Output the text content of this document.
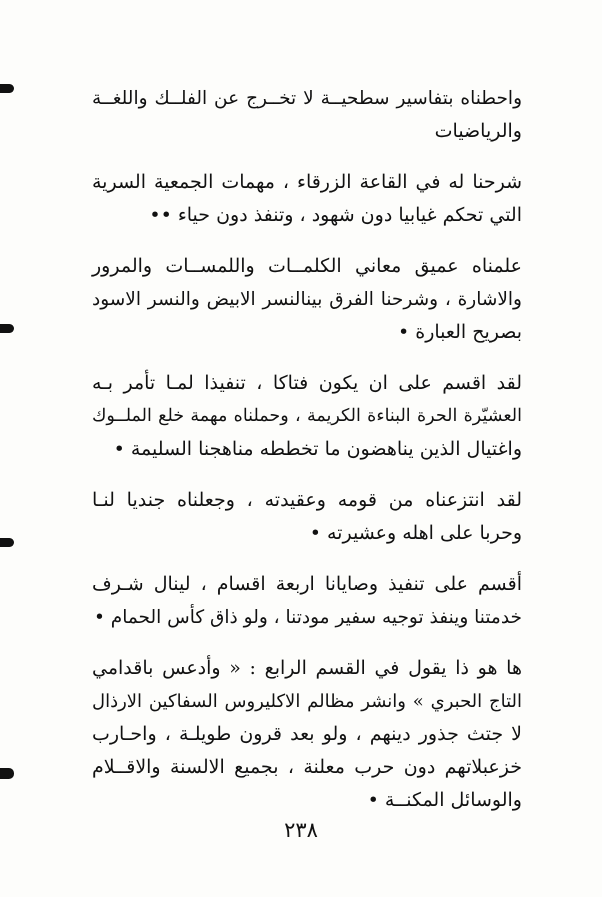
واحطناه بتفاسير سطحيــة لا تخــرج عن الفلــك واللغــة
والرياضيات

شرحنا له في القاعة الزرقاء ، مهمات الجمعية السرية
التي تحكم غيابيا دون شهود ، وتنفذ دون حياء ••

علمناه عميق معاني الكلمــات واللمســات والمرور
والاشارة ، وشرحنا الفرق بينالنسر الابيض والنسر الاسود
بصريح العبارة •

لقد اقسم على ان يكون فتاكا ، تنفيذا لمـا تأمر بـه
العشيّرة الحرة البناءة الكريمة ، وحملناه مهمة خلع الملــوك
واغتيال الذين يناهضون ما تخططه مناهجنا السليمة •

لقد انتزعناه من قومه وعقيدته ، وجعلناه جنديا لنـا
وحربا على اهله وعشيرته •

أقسم على تنفيذ وصايانا اربعة اقسام ، لينال شـرف
خدمتنا وينفذ توجيه سفير مودتنا ، ولو ذاق كأس الحمام •

ها هو ذا يقول في القسم الرابع : « وأدعس باقدامي
التاج الحبري » وانشر مظالم الاكليروس السفاكين الارذال
لا جتث جذور دينهم ، ولو بعد قرون طويلـة ، واحـارب
خزعبلاتهم دون حرب معلنة ، بجميع الالسنة والاقــلام
والوسائل المكنــة •

٢٣٨
